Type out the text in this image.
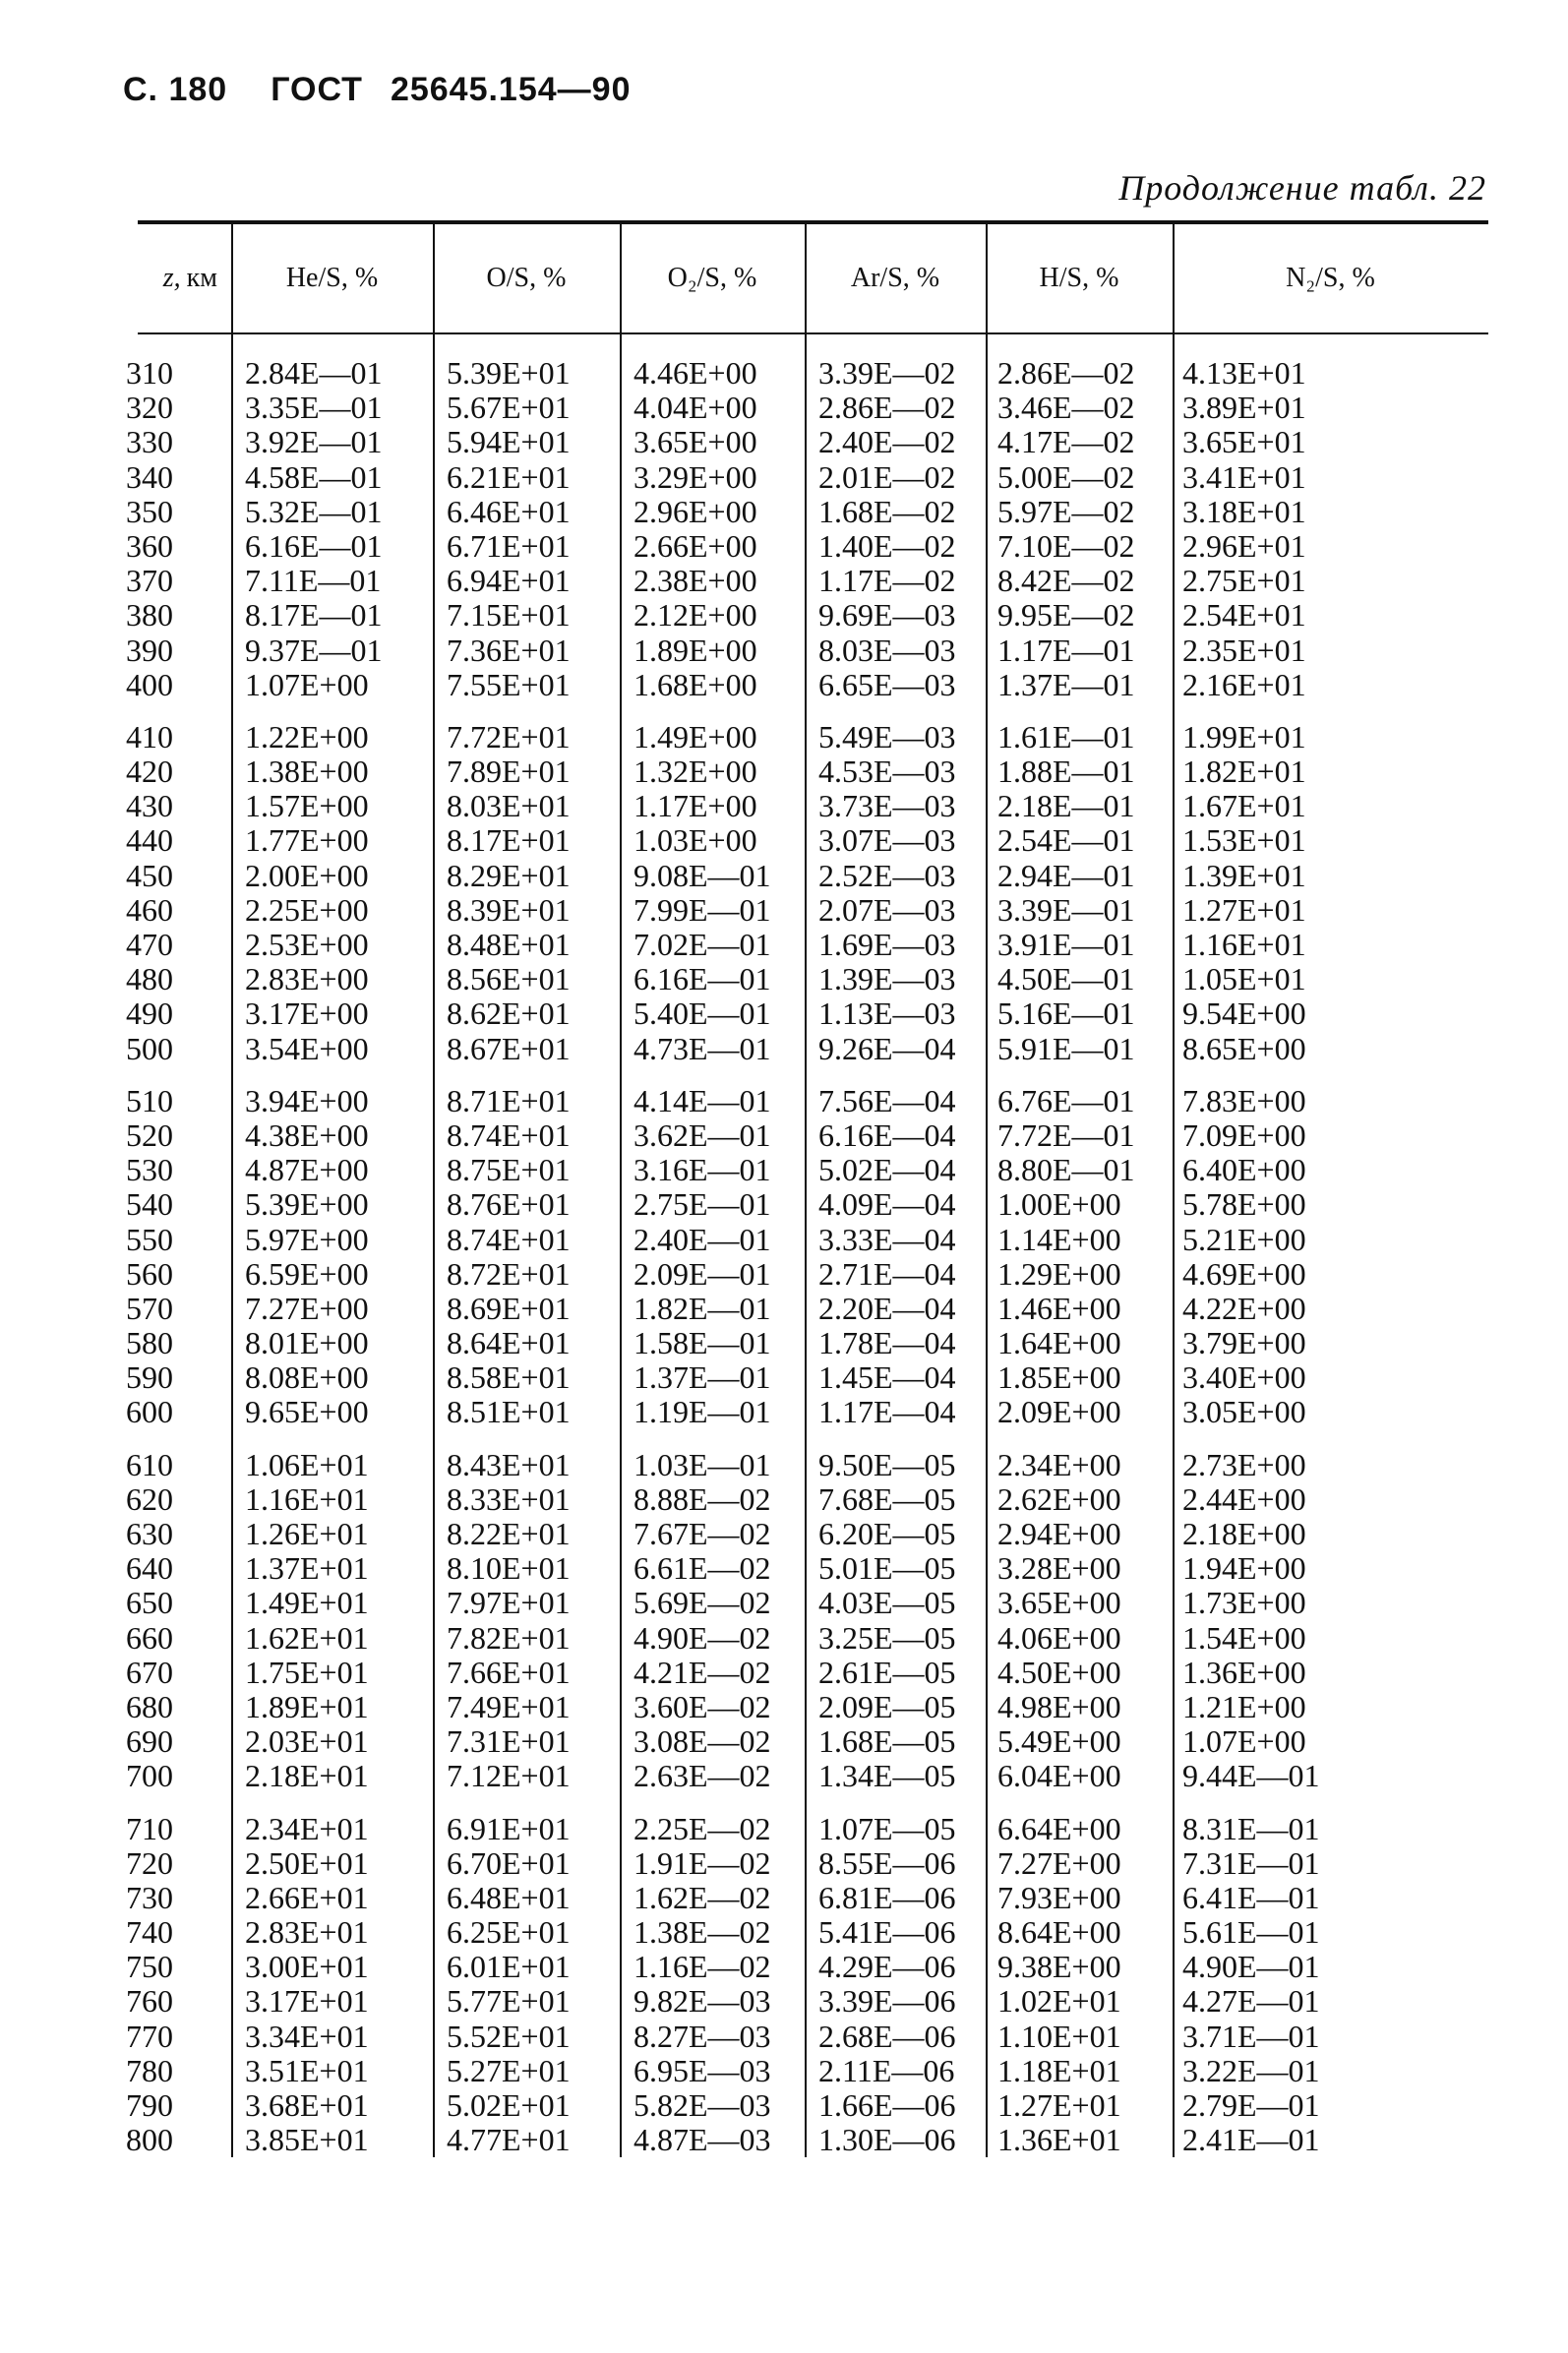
С. 180 ГОСТ 25645.154—90
Продолжение табл. 22
z, км	He/S, %	O/S, %	O₂/S, %	Ar/S, %	H/S, %	N₂/S, %
310 2.84E—01 5.39E+01 4.46E+00 3.39E—02 2.86E—02 4.13E+01
320 3.35E—01 5.67E+01 4.04E+00 2.86E—02 3.46E—02 3.89E+01
330 3.92E—01 5.94E+01 3.65E+00 2.40E—02 4.17E—02 3.65E+01
340 4.58E—01 6.21E+01 3.29E+00 2.01E—02 5.00E—02 3.41E+01
350 5.32E—01 6.46E+01 2.96E+00 1.68E—02 5.97E—02 3.18E+01
360 6.16E—01 6.71E+01 2.66E+00 1.40E—02 7.10E—02 2.96E+01
370 7.11E—01 6.94E+01 2.38E+00 1.17E—02 8.42E—02 2.75E+01
380 8.17E—01 7.15E+01 2.12E+00 9.69E—03 9.95E—02 2.54E+01
390 9.37E—01 7.36E+01 1.89E+00 8.03E—03 1.17E—01 2.35E+01
400 1.07E+00 7.55E+01 1.68E+00 6.65E—03 1.37E—01 2.16E+01
410 1.22E+00 7.72E+01 1.49E+00 5.49E—03 1.61E—01 1.99E+01
420 1.38E+00 7.89E+01 1.32E+00 4.53E—03 1.88E—01 1.82E+01
430 1.57E+00 8.03E+01 1.17E+00 3.73E—03 2.18E—01 1.67E+01
440 1.77E+00 8.17E+01 1.03E+00 3.07E—03 2.54E—01 1.53E+01
450 2.00E+00 8.29E+01 9.08E—01 2.52E—03 2.94E—01 1.39E+01
460 2.25E+00 8.39E+01 7.99E—01 2.07E—03 3.39E—01 1.27E+01
470 2.53E+00 8.48E+01 7.02E—01 1.69E—03 3.91E—01 1.16E+01
480 2.83E+00 8.56E+01 6.16E—01 1.39E—03 4.50E—01 1.05E+01
490 3.17E+00 8.62E+01 5.40E—01 1.13E—03 5.16E—01 9.54E+00
500 3.54E+00 8.67E+01 4.73E—01 9.26E—04 5.91E—01 8.65E+00
510 3.94E+00 8.71E+01 4.14E—01 7.56E—04 6.76E—01 7.83E+00
520 4.38E+00 8.74E+01 3.62E—01 6.16E—04 7.72E—01 7.09E+00
530 4.87E+00 8.75E+01 3.16E—01 5.02E—04 8.80E—01 6.40E+00
540 5.39E+00 8.76E+01 2.75E—01 4.09E—04 1.00E+00 5.78E+00
550 5.97E+00 8.74E+01 2.40E—01 3.33E—04 1.14E+00 5.21E+00
560 6.59E+00 8.72E+01 2.09E—01 2.71E—04 1.29E+00 4.69E+00
570 7.27E+00 8.69E+01 1.82E—01 2.20E—04 1.46E+00 4.22E+00
580 8.01E+00 8.64E+01 1.58E—01 1.78E—04 1.64E+00 3.79E+00
590 8.08E+00 8.58E+01 1.37E—01 1.45E—04 1.85E+00 3.40E+00
600 9.65E+00 8.51E+01 1.19E—01 1.17E—04 2.09E+00 3.05E+00
610 1.06E+01 8.43E+01 1.03E—01 9.50E—05 2.34E+00 2.73E+00
620 1.16E+01 8.33E+01 8.88E—02 7.68E—05 2.62E+00 2.44E+00
630 1.26E+01 8.22E+01 7.67E—02 6.20E—05 2.94E+00 2.18E+00
640 1.37E+01 8.10E+01 6.61E—02 5.01E—05 3.28E+00 1.94E+00
650 1.49E+01 7.97E+01 5.69E—02 4.03E—05 3.65E+00 1.73E+00
660 1.62E+01 7.82E+01 4.90E—02 3.25E—05 4.06E+00 1.54E+00
670 1.75E+01 7.66E+01 4.21E—02 2.61E—05 4.50E+00 1.36E+00
680 1.89E+01 7.49E+01 3.60E—02 2.09E—05 4.98E+00 1.21E+00
690 2.03E+01 7.31E+01 3.08E—02 1.68E—05 5.49E+00 1.07E+00
700 2.18E+01 7.12E+01 2.63E—02 1.34E—05 6.04E+00 9.44E—01
710 2.34E+01 6.91E+01 2.25E—02 1.07E—05 6.64E+00 8.31E—01
720 2.50E+01 6.70E+01 1.91E—02 8.55E—06 7.27E+00 7.31E—01
730 2.66E+01 6.48E+01 1.62E—02 6.81E—06 7.93E+00 6.41E—01
740 2.83E+01 6.25E+01 1.38E—02 5.41E—06 8.64E+00 5.61E—01
750 3.00E+01 6.01E+01 1.16E—02 4.29E—06 9.38E+00 4.90E—01
760 3.17E+01 5.77E+01 9.82E—03 3.39E—06 1.02E+01 4.27E—01
770 3.34E+01 5.52E+01 8.27E—03 2.68E—06 1.10E+01 3.71E—01
780 3.51E+01 5.27E+01 6.95E—03 2.11E—06 1.18E+01 3.22E—01
790 3.68E+01 5.02E+01 5.82E—03 1.66E—06 1.27E+01 2.79E—01
800 3.85E+01 4.77E+01 4.87E—03 1.30E—06 1.36E+01 2.41E—01
